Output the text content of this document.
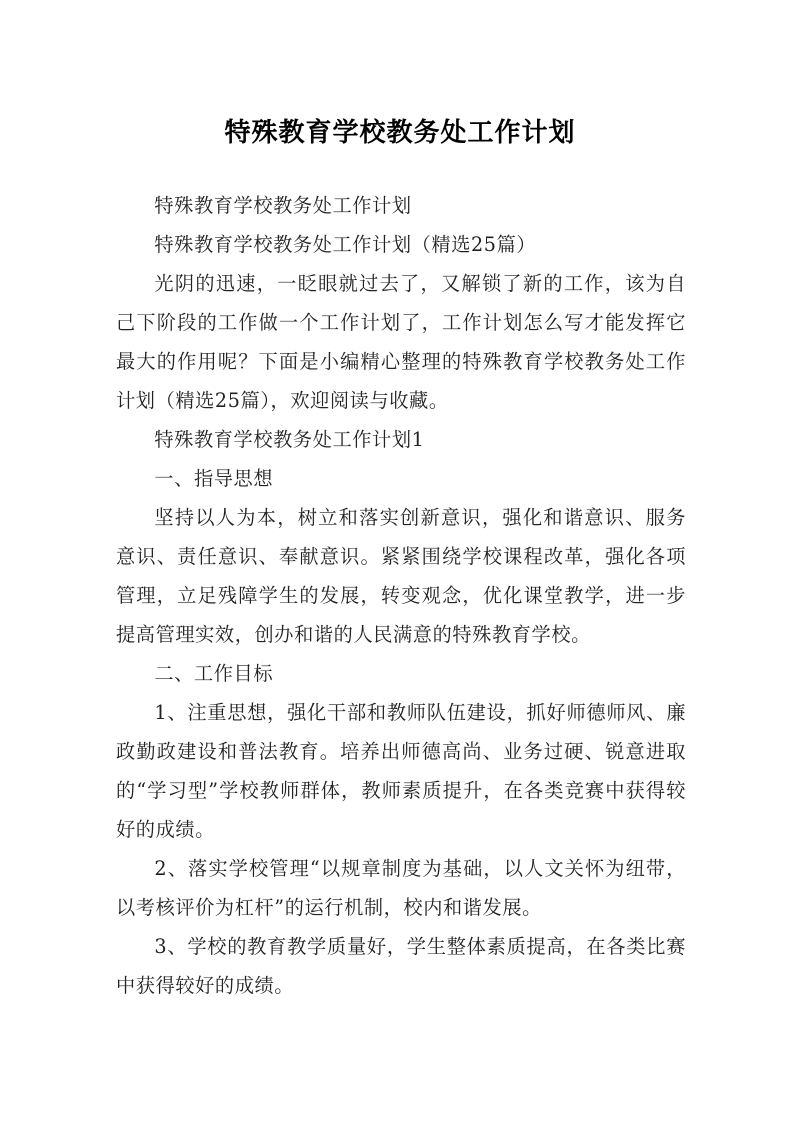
特殊教育学校教务处工作计划

特殊教育学校教务处工作计划

特殊教育学校教务处工作计划（精选25篇）

光阴的迅速，一眨眼就过去了，又解锁了新的工作，该为自己下阶段的工作做一个工作计划了，工作计划怎么写才能发挥它最大的作用呢？下面是小编精心整理的特殊教育学校教务处工作计划（精选25篇），欢迎阅读与收藏。

特殊教育学校教务处工作计划1

一、指导思想

坚持以人为本，树立和落实创新意识，强化和谐意识、服务意识、责任意识、奉献意识。紧紧围绕学校课程改革，强化各项管理，立足残障学生的发展，转变观念，优化课堂教学，进一步提高管理实效，创办和谐的人民满意的特殊教育学校。

二、工作目标

1、注重思想，强化干部和教师队伍建设，抓好师德师风、廉政勤政建设和普法教育。培养出师德高尚、业务过硬、锐意进取的“学习型”学校教师群体，教师素质提升，在各类竞赛中获得较好的成绩。

2、落实学校管理“以规章制度为基础，以人文关怀为纽带，以考核评价为杠杆”的运行机制，校内和谐发展。

3、学校的教育教学质量好，学生整体素质提高，在各类比赛中获得较好的成绩。
